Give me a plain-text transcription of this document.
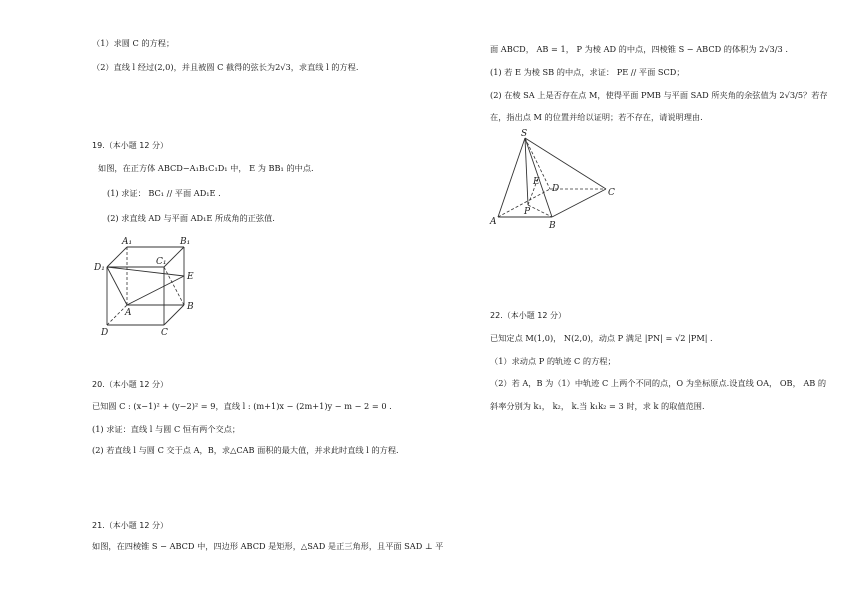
（1）求圆 C 的方程；
（2）直线 l 经过(2,0)，并且被圆 C 截得的弦长为2√3，求直线 l 的方程.
19.（本小题 12 分）
如图，在正方体 ABCD−A₁B₁C₁D₁ 中， E 为 BB₁ 的中点.
(1) 求证： BC₁ // 平面 AD₁E .
(2) 求直线 AD 与平面 AD₁E 所成角的正弦值.
A₁	B₁
C₁
D₁
E
A
B
C
D
20.（本小题 12 分）
已知圆 C : (x−1)² + (y−2)² = 9，直线 l : (m+1)x − (2m+1)y − m − 2 = 0 .
(1) 求证：直线 l 与圆 C 恒有两个交点；
(2) 若直线 l 与圆 C 交于点 A，B，求△CAB 面积的最大值，并求此时直线 l 的方程.
21.（本小题 12 分）
如图，在四棱锥 S − ABCD 中，四边形 ABCD 是矩形，△SAD 是正三角形，且平面 SAD ⊥ 平
面 ABCD， AB = 1， P 为棱 AD 的中点，四棱锥 S − ABCD 的体积为 2√3/3 .
(1) 若 E 为棱 SB 的中点，求证： PE // 平面 SCD；
(2) 在棱 SA 上是否存在点 M，使得平面 PMB 与平面 SAD 所夹角的余弦值为 2√3/5？若存
在，指出点 M 的位置并给以证明；若不存在，请说明理由.
S
E
D	C
P
A	B
22.（本小题 12 分）
已知定点 M(1,0)， N(2,0)，动点 P 满足 |PN| = √2 |PM| .
（1）求动点 P 的轨迹 C 的方程；
（2）若 A，B 为（1）中轨迹 C 上两个不同的点，O 为坐标原点.设直线 OA， OB， AB 的
斜率分别为 k₁， k₂， k.当 k₁k₂ = 3 时，求 k 的取值范围.
